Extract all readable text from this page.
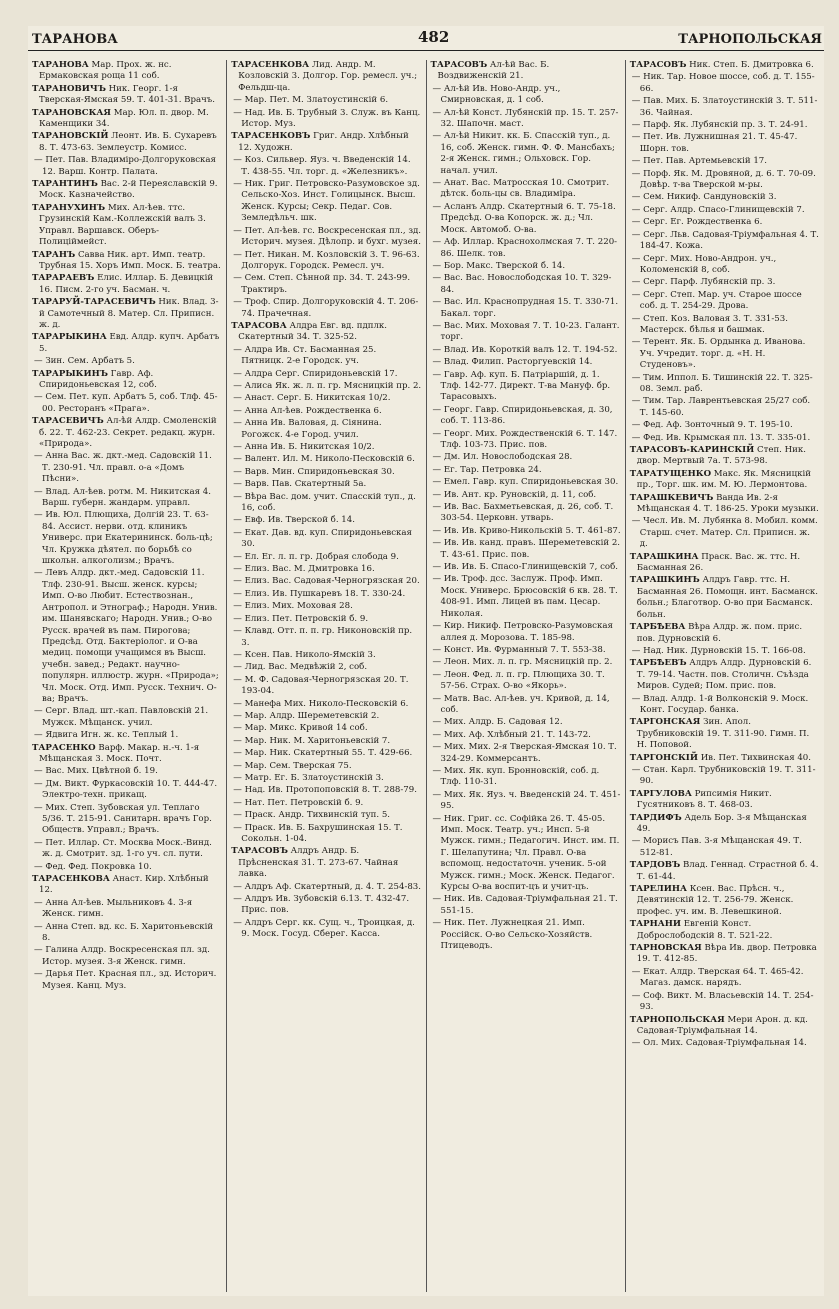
ТАРАНОВА	482	ТАРНОПОЛЬСКАЯ
ТАРАНОВА Мар. Прох. ж. нс. Ермаковская роща 11 соб.
ТАРАНОВИЧЪ Ник. Георг. 1-я Тверская-Ямская 59. Т. 401-31. Врачъ.
ТАРАНОВСКАЯ Мар. Юл. п. двор. М. Каменщики 34.
ТАРАНОВСКІЙ Леонт. Ив. Б. Сухаревъ 8. Т. 473-63. Землеустр. Комисс.
— Пет. Пав. Владиміро-Долгоруковская 12. Варш. Контр. Палата.
ТАРАНТИНЪ Вас. 2-й Переяславскій 9. Моск. Казначейство.
ТАРАНУХИНЪ Мих. Ал-ѣев. ттс. Грузинскій Кам.-Коллежскій валъ 3. Управл. Варшавск. Оберъ-Полиціймейст.
ТАРАНЪ Савва Ник. арт. Имп. театр. Трубная 15. Хоръ Имп. Моск. Б. театра.
ТАРАРАЕВЪ Елис. Иллар. Б. Девицкій 16. Писм. 2-го уч. Басман. ч.
ТАРАРУЙ-ТАРАСЕВИЧЪ Ник. Влад. 3-й Самотечный 8. Матер. Сл. Приписн. ж. д.
ТАРАРЫКИНА Евд. Алдр. купч. Арбатъ 5.
— Зин. Сем. Арбатъ 5.
ТАРАРЫКИНЪ Гавр. Аф. Спиридоньевская 12, соб.
— Сем. Пет. куп. Арбатъ 5, соб. Тлф. 45-00. Ресторанъ «Прага».
ТАРАСЕВИЧЪ Ал-ѣй Алдр. Смоленскій б. 22. Т. 462-23. Секрет. редакц. журн. «Природа».
— Анна Вас. ж. дкт.-мед. Садовскій 11. Т. 230-91. Чл. правл. о-а «Домъ Пѣсни».
— Влад. Ал-ѣев. ротм. М. Никитская 4. Варш. губерн. жандарм. управл.
— Ив. Юл. Плющиха, Долгій 23. Т. 63-84. Ассист. нерви. отд. клиникъ Универс. при Екатерининск. боль-цѣ; Чл. Кружка дѣятел. по борьбѣ со школьн. алкоголизм.; Врачъ.
— Левъ Алдр. дкт.-мед. Садовскій 11. Тлф. 230-91. Высш. женск. курсы; Имп. О-во Любит. Естествознан., Антропол. и Этнограф.; Народн. Унив. им. Шанявскаго; Народн. Унив.; О-во Русск. врачей въ пам. Пирогова; Предсѣд. Отд. Бактеріолог. и О-ва медиц. помощи учащимся въ Высш. учебн. завед.; Редакт. научно-популярн. иллюстр. журн. «Природа»; Чл. Моск. Отд. Имп. Русск. Технич. О-ва; Врачъ.
— Серг. Влад. шт.-кап. Павловскій 21. Мужск. Мѣщанск. учил.
— Ядвига Игн. ж. кс. Теплый 1.
ТАРАСЕНКО Варф. Макар. н.-ч. 1-я Мѣщанская 3. Моск. Почт.
— Вас. Мих. Цвѣтной б. 19.
— Дм. Викт. Фуркасовскій 10. Т. 444-47. Электро-техн. прикащ.
— Мих. Степ. Зубовская ул. Теплаго 5/36. Т. 215-91. Санитарн. врачъ Гор. Обществ. Управл.; Врачъ.
— Пет. Иллар. Ст. Москва Моск.-Винд. ж. д. Смотрит. зд. 1-го уч. сл. пути.
— Фед. Фед. Покровка 10.
ТАРАСЕНКОВА Анаст. Кир. Хлѣбный 12.
— Анна Ал-ѣев. Мыльниковъ 4. 3-я Женск. гимн.
— Анна Степ. вд. кс. Б. Харитоньевскій 8.
— Галина Алдр. Воскресенская пл. зд. Истор. музея. 3-я Женск. гимн.
— Дарья Пет. Красная пл., зд. Историч. Музея. Канц. Муз.
ТАРАСЕНКОВА Лид. Андр. М. Козловскій 3. Долгор. Гор. ремесл. уч.; Фельдш-ца.
— Мар. Пет. М. Златоустинскій 6.
— Над. Ив. Б. Трубный 3. Служ. въ Канц. Истор. Муз.
ТАРАСЕНКОВЪ Григ. Андр. Хлѣбный 12. Художн.
— Коз. Сильвер. Яуз. ч. Введенскій 14. Т. 438-55. Чл. торг. д. «Железникъ».
— Ник. Григ. Петровско-Разумовское зд. Сельско-Хоз. Инст. Голицынск. Высш. Женск. Курсы; Секр. Педаг. Сов. Земледѣльч. шк.
— Пет. Ал-ѣев. гс. Воскресенская пл., зд. Историч. музея. Дѣлопр. и бухг. музея.
— Пет. Никан. М. Козловскій 3. Т. 96-63. Долгорук. Городск. Ремесл. уч.
— Сем. Степ. Сѣнной пр. 34. Т. 243-99. Трактиръ.
— Троф. Спир. Долгоруковскій 4. Т. 206-74. Прачечная.
ТАРАСОВА Алдра Евг. вд. пдплк. Скатертный 34. Т. 325-52.
— Алдра Ив. Ст. Басманная 25. Пятницк. 2-е Городск. уч.
— Алдра Серг. Спиридоньевскій 17.
— Алиса Як. ж. л. п. гр. Мясницкій пр. 2.
— Анаст. Серг. Б. Никитская 10/2.
— Анна Ал-ѣев. Рождественка 6.
— Анна Ив. Валовая, д. Сіянина. Рогожск. 4-е Город. учил.
— Анна Ив. Б. Никитская 10/2.
— Валент. Ил. М. Николо-Песковскій 6.
— Варв. Мин. Спиридоньевская 30.
— Варв. Пав. Скатертный 5а.
— Вѣра Вас. дом. учит. Спасскій туп., д. 16, соб.
— Евф. Ив. Тверской б. 14.
— Екат. Дав. вд. куп. Спиридоньевская 30.
— Ел. Ег. л. п. гр. Добрая слобода 9.
— Елиз. Вас. М. Дмитровка 16.
— Елиз. Вас. Садовая-Черногрязская 20.
— Елиз. Ив. Пушкаревъ 18. Т. 330-24.
— Елиз. Мих. Моховая 28.
— Елиз. Пет. Петровскій б. 9.
— Клавд. Отт. п. п. гр. Никоновскій пр. 3.
— Ксен. Пав. Николо-Ямскій 3.
— Лид. Вас. Медвѣжій 2, соб.
— М. Ф. Садовая-Черногрязская 20. Т. 193-04.
— Манефа Мих. Николо-Песковскій 6.
— Мар. Алдр. Шереметевскій 2.
— Мар. Микс. Кривой 14 соб.
— Мар. Ник. М. Харитоньевскій 7.
— Мар. Ник. Скатертный 55. Т. 429-66.
— Мар. Сем. Тверская 75.
— Матр. Ег. Б. Златоустинскій 3.
— Над. Ив. Протопоповскій 8. Т. 288-79.
— Нат. Пет. Петровскій б. 9.
— Праск. Андр. Тихвинскій туп. 5.
— Праск. Ив. Б. Бахрушинская 15. Т. Сокольн. 1-04.
ТАРАСОВЪ Алдръ Андр. Б. Прѣсненская 31. Т. 273-67. Чайная лавка.
— Алдръ Аф. Скатертный, д. 4. Т. 254-83.
— Алдръ Ив. Зубовскій 6.13. Т. 432-47. Прис. пов.
— Алдръ Серг. кк. Сущ. ч., Троицкая, д. 9. Моск. Госуд. Сберег. Касса.
ТАРАСОВЪ Ал-ѣй Вас. Б. Воздвиженскій 21.
— Ал-ѣй Ив. Ново-Андр. уч., Смирновская, д. 1 соб.
— Ал-ѣй Конст. Лубянскій пр. 15. Т. 257-32. Шапочн. маст.
— Ал-ѣй Никит. кк. Б. Спасскій туп., д. 16, соб. Женск. гимн. Ф. Ф. Мансбахъ; 2-я Женск. гимн.; Ольховск. Гор. начал. учил.
— Анат. Вас. Матросская 10. Смотрит. дѣтск. боль-цы св. Владиміра.
— Асланъ Алдр. Скатертный 6. Т. 75-18. Предсѣд. О-ва Копорск. ж. д.; Чл. Моск. Автомоб. О-ва.
— Аф. Иллар. Краснохолмская 7. Т. 220-86. Шелк. тов.
— Бор. Макс. Тверской б. 14.
— Вас. Вас. Новослободская 10. Т. 329-84.
— Вас. Ил. Краснопрудная 15. Т. 330-71. Бакал. торг.
— Вас. Мих. Моховая 7. Т. 10-23. Галант. торг.
— Влад. Ив. Короткій валъ 12. Т. 194-52.
— Влад. Филип. Расторгуевскій 14.
— Гавр. Аф. куп. Б. Патріаршій, д. 1. Тлф. 142-77. Директ. Т-ва Мануф. бр. Тарасовыхъ.
— Георг. Гавр. Спиридоньевская, д. 30, соб. Т. 113-86.
— Георг. Мих. Рождественскій 6. Т. 147. Тлф. 103-73. Прис. пов.
— Дм. Ил. Новослободская 28.
— Ег. Тар. Петровка 24.
— Емел. Гавр. куп. Спиридоньевская 30.
— Ив. Ант. кр. Руновскій, д. 11, соб.
— Ив. Вас. Бахметьевская, д. 26, соб. Т. 303-54. Церковн. утварь.
— Ив. Ив. Криво-Никольскій 5. Т. 461-87.
— Ив. Ив. канд. правъ. Шереметевскій 2. Т. 43-61. Прис. пов.
— Ив. Ив. Б. Спасо-Глинищевскій 7, соб.
— Ив. Троф. дсс. Заслуж. Проф. Имп. Моск. Универс. Брюсовскій 6 кв. 28. Т. 408-91. Имп. Лицей въ пам. Цесар. Николая.
— Кир. Никиф. Петровско-Разумовская аллея д. Морозова. Т. 185-98.
— Конст. Ив. Фурманный 7. Т. 553-38.
— Леон. Мих. л. п. гр. Мясницкій пр. 2.
— Леон. Фед. л. п. гр. Плющиха 30. Т. 57-56. Страх. О-во «Якорь».
— Матв. Вас. Ал-ѣев. уч. Кривой, д. 14, соб.
— Мих. Алдр. Б. Садовая 12.
— Мих. Аф. Хлѣбный 21. Т. 143-72.
— Мих. Мих. 2-я Тверская-Ямская 10. Т. 324-29. Коммерсантъ.
— Мих. Як. куп. Бронновскій, соб. д. Тлф. 110-31.
— Мих. Як. Яуз. ч. Введенскій 24. Т. 451-95.
— Ник. Григ. сс. Софійка 26. Т. 45-05. Имп. Моск. Театр. уч.; Инсп. 5-й Мужск. гимн.; Педагогич. Инст. им. П. Г. Шелапутина; Чл. Правл. О-ва вспомощ. недостаточн. ученик. 5-ой Мужск. гимн.; Моск. Женск. Педагог. Курсы О-ва воспит-цъ и учит-цъ.
— Ник. Ив. Садовая-Тріумфальная 21. Т. 551-15.
— Ник. Пет. Лужнецкая 21. Имп. Россійск. О-во Сельско-Хозяйств. Птицеводъ.
ТАРАСОВЪ Ник. Степ. Б. Дмитровка 6.
— Ник. Тар. Новое шоссе, соб. д. Т. 155-66.
— Пав. Мих. Б. Златоустинскій 3. Т. 511-36. Чайная.
— Парф. Як. Лубянскій пр. 3. Т. 24-91.
— Пет. Ив. Лужнишная 21. Т. 45-47. Шорн. тов.
— Пет. Пав. Артемьевскій 17.
— Порф. Як. М. Дровяной, д. 6. Т. 70-09. Довѣр. т-ва Тверской м-ры.
— Сем. Никиф. Сандуновскій 3.
— Серг. Алдр. Спасо-Глинищевскій 7.
— Серг. Ег. Рождественка 6.
— Серг. Льв. Садовая-Тріумфальная 4. Т. 184-47. Кожа.
— Серг. Мих. Ново-Андрон. уч., Коломенскій 8, соб.
— Серг. Парф. Лубянскій пр. 3.
— Серг. Степ. Мар. уч. Старое шоссе соб. д. Т. 254-29. Дрова.
— Степ. Коз. Валовая 3. Т. 331-53. Мастерск. бѣлья и башмак.
— Терент. Як. Б. Ордынка д. Иванова. Уч. Учредит. торг. д. «Н. Н. Студеновъ».
— Тим. Иппол. Б. Тишинскій 22. Т. 325-08. Земл. раб.
— Тим. Тар. Лаврентьевская 25/27 соб. Т. 145-60.
— Фед. Аф. Зонточный 9. Т. 195-10.
— Фед. Ив. Крымская пл. 13. Т. 335-01.
ТАРАСОВЪ-КАРИНСКІЙ Степ. Ник. двор. Мертвый 7а. Т. 573-98.
ТАРАТУЩЕНКО Макс. Як. Мясницкій пр., Торг. шк. им. М. Ю. Лермонтова.
ТАРАШКЕВИЧЪ Ванда Ив. 2-я Мѣщанская 4. Т. 186-25. Уроки музыки.
— Чесл. Ив. М. Лубянка 8. Мобил. комм. Старш. счет. Матер. Сл. Приписн. ж. д.
ТАРАШКИНА Праск. Вас. ж. ттс. Н. Басманная 26.
ТАРАШКИНЪ Алдръ Гавр. ттс. Н. Басманная 26. Помощн. инт. Басманск. больн.; Благотвор. О-во при Басманск. больн.
ТАРБѢЕВА Вѣра Алдр. ж. пом. прис. пов. Дурновскій 6.
— Над. Ник. Дурновскій 15. Т. 166-08.
ТАРБѢЕВЪ Алдръ Алдр. Дурновскій 6. Т. 79-14. Частн. пов. Столичн. Съѣзда Миров. Судей; Пом. прис. пов.
— Влад. Алдр. 1-й Волконскій 9. Моск. Конт. Государ. банка.
ТАРГОНСКАЯ Зин. Апол. Трубниковскій 19. Т. 311-90. Гимн. П. Н. Поповой.
ТАРГОНСКІЙ Ив. Пет. Тихвинская 40.
— Стан. Карл. Трубниковскій 19. Т. 311-90.
ТАРГУЛОВА Рипсимія Никит. Гусятниковъ 8. Т. 468-03.
ТАРДИФЪ Адель Бор. 3-я Мѣщанская 49.
— Морисъ Пав. 3-я Мѣщанская 49. Т. 512-81.
ТАРДОВЪ Влад. Геннад. Страстной б. 4. Т. 61-44.
ТАРЕЛИНА Ксен. Вас. Прѣсн. ч., Девятинскій 12. Т. 256-79. Женск. профес. уч. им. В. Левешкиной.
ТАРНАНИ Евгеній Конст. Доброслободскій 8. Т. 521-22.
ТАРНОВСКАЯ Вѣра Ив. двор. Петровка 19. Т. 412-85.
— Екат. Алдр. Тверская 64. Т. 465-42. Магаз. дамск. нарядъ.
— Соф. Викт. М. Власьевскій 14. Т. 254-93.
ТАРНОПОЛЬСКАЯ Мери Арон. д. кд. Садовая-Тріумфальная 14.
— Ол. Мих. Садовая-Тріумфальная 14.
